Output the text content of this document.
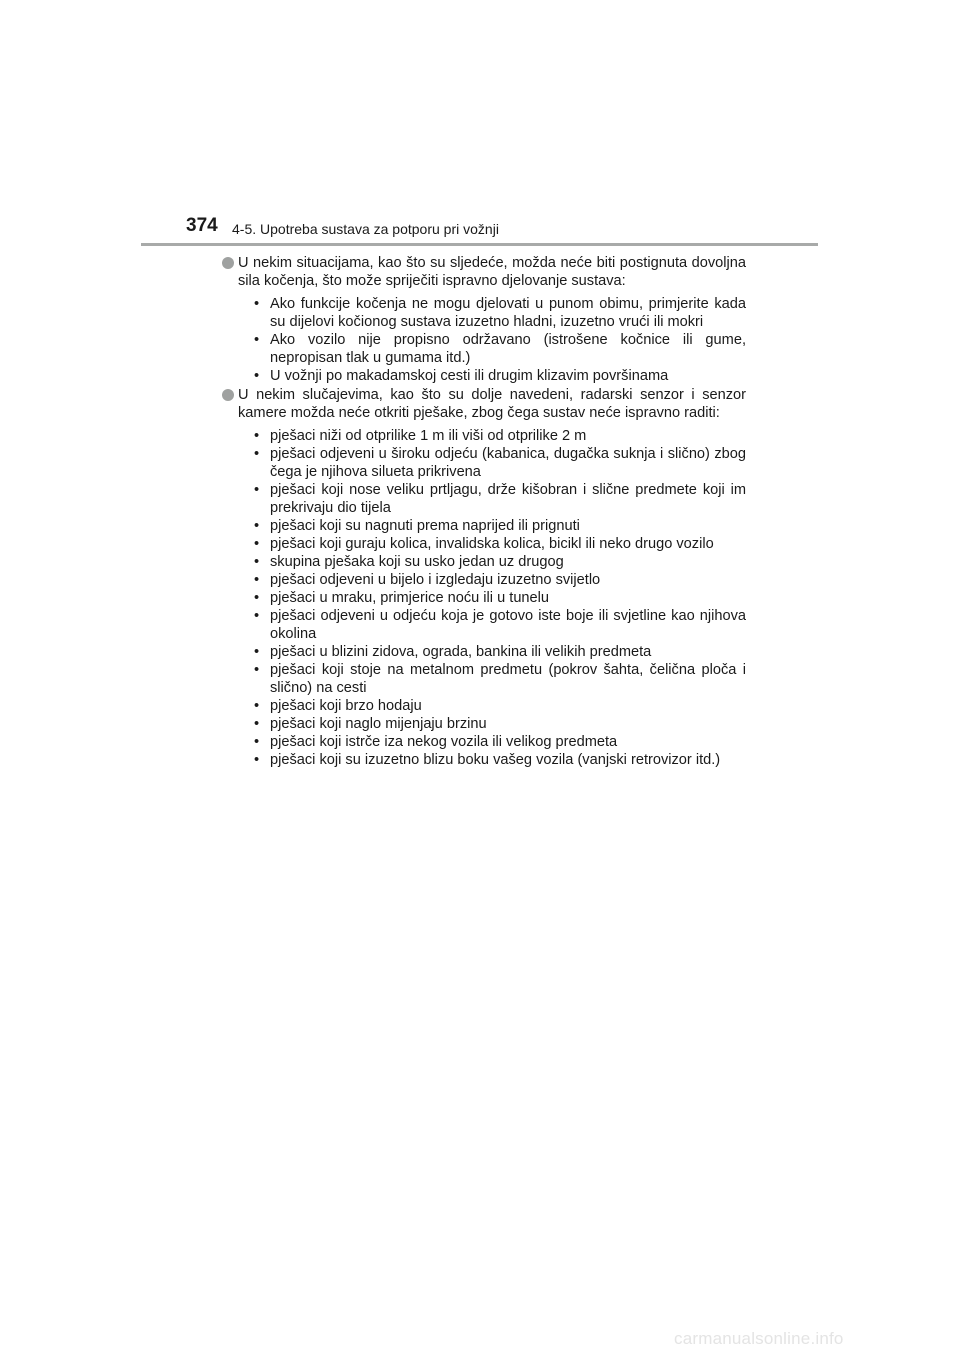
374 4-5. Upotreba sustava za potporu pri vožnji
U nekim situacijama, kao što su sljedeće, možda neće biti postignuta dovoljna sila kočenja, što može spriječiti ispravno djelovanje sustava:
• Ako funkcije kočenja ne mogu djelovati u punom obimu, primjerite kada su dijelovi kočionog sustava izuzetno hladni, izuzetno vrući ili mokri
• Ako vozilo nije propisno održavano (istrošene kočnice ili gume, nepropisan tlak u gumama itd.)
• U vožnji po makadamskoj cesti ili drugim klizavim površinama
U nekim slučajevima, kao što su dolje navedeni, radarski senzor i senzor kamere možda neće otkriti pješake, zbog čega sustav neće ispravno raditi:
• pješaci niži od otprilike 1 m ili viši od otprilike 2 m
• pješaci odjeveni u široku odjeću (kabanica, dugačka suknja i slično) zbog čega je njihova silueta prikrivena
• pješaci koji nose veliku prtljagu, drže kišobran i slične predmete koji im prekrivaju dio tijela
• pješaci koji su nagnuti prema naprijed ili prignuti
• pješaci koji guraju kolica, invalidska kolica, bicikl ili neko drugo vozilo
• skupina pješaka koji su usko jedan uz drugog
• pješaci odjeveni u bijelo i izgledaju izuzetno svijetlo
• pješaci u mraku, primjerice noću ili u tunelu
• pješaci odjeveni u odjeću koja je gotovo iste boje ili svjetline kao njihova okolina
• pješaci u blizini zidova, ograda, bankina ili velikih predmeta
• pješaci koji stoje na metalnom predmetu (pokrov šahta, čelična ploča i slično) na cesti
• pješaci koji brzo hodaju
• pješaci koji naglo mijenjaju brzinu
• pješaci koji istrče iza nekog vozila ili velikog predmeta
• pješaci koji su izuzetno blizu boku vašeg vozila (vanjski retrovizor itd.)
carmanualsonline.info
